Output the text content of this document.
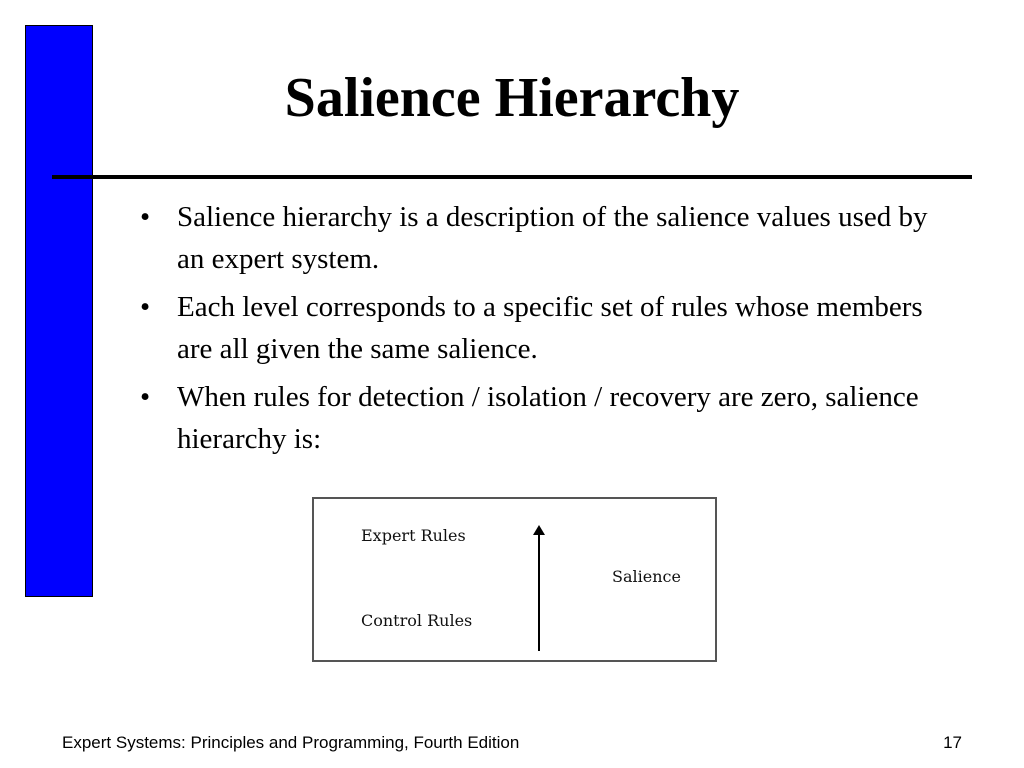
Salience Hierarchy
• Salience hierarchy is a description of the salience values used by an expert system.
• Each level corresponds to a specific set of rules whose members are all given the same salience.
• When rules for detection / isolation / recovery are zero, salience hierarchy is:
Expert Rules
Control Rules
Salience
Expert Systems: Principles and Programming, Fourth Edition	17
